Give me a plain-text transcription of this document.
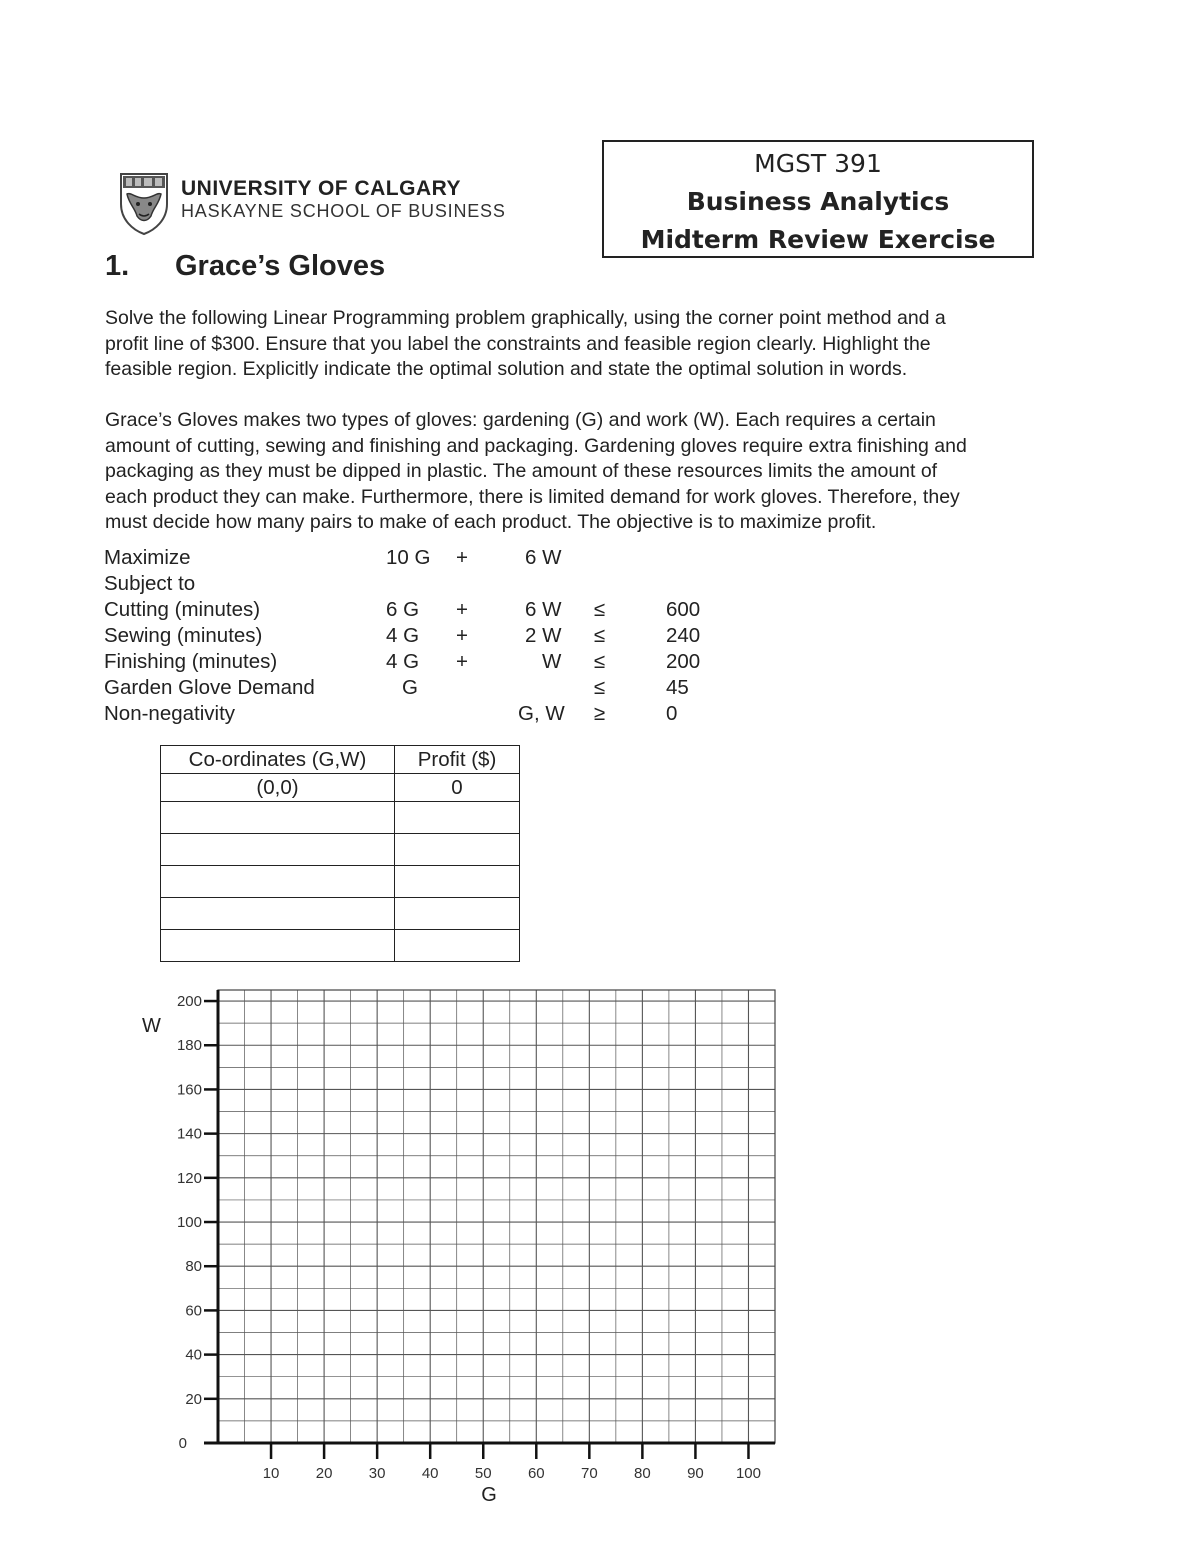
UNIVERSITY OF CALGARY
HASKAYNE SCHOOL OF BUSINESS
MGST 391
Business Analytics
Midterm Review Exercise
1. Grace’s Gloves
Solve the following Linear Programming problem graphically, using the corner point method and a
profit line of $300. Ensure that you label the constraints and feasible region clearly. Highlight the
feasible region. Explicitly indicate the optimal solution and state the optimal solution in words.
Grace’s Gloves makes two types of gloves: gardening (G) and work (W). Each requires a certain
amount of cutting, sewing and finishing and packaging. Gardening gloves require extra finishing and
packaging as they must be dipped in plastic. The amount of these resources limits the amount of
each product they can make. Furthermore, there is limited demand for work gloves. Therefore, they
must decide how many pairs to make of each product. The objective is to maximize profit.
Maximize	10 G +	6 W
Subject to
Cutting (minutes)	6 G +	6 W ≤	600
Sewing (minutes)	4 G +	2 W ≤	240
Finishing (minutes)	4 G +	W ≤	200
Garden Glove Demand	G	≤	45
Non-negativity	G, W ≥	0
Co-ordinates (G,W)	Profit ($)
(0,0)	0

0
20
40
60
80
100
120
140
160
180
200
10 20 30 40 50 60 70 80 90 100
W
G
